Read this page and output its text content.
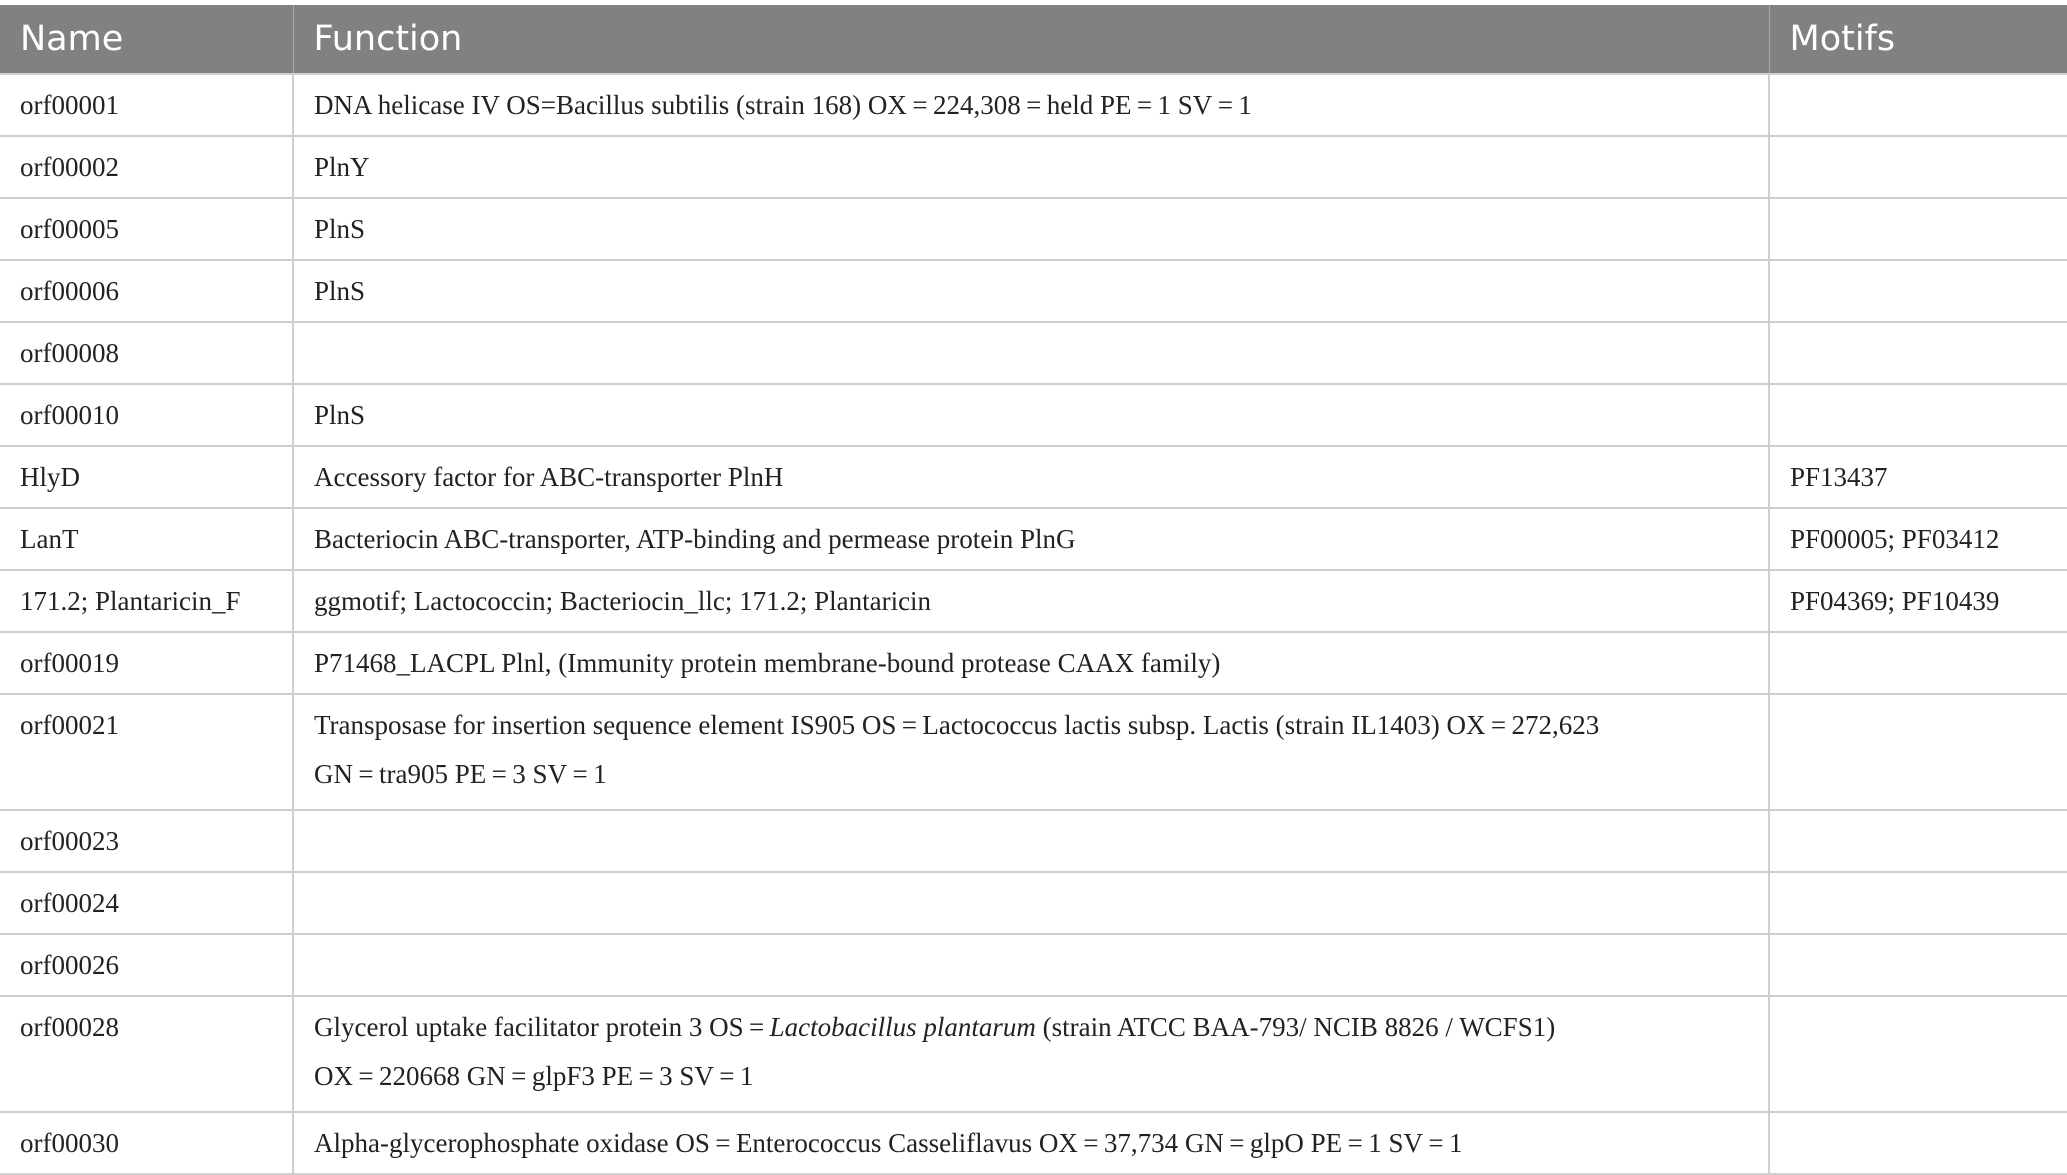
Name	Function	Motifs
orf00001	DNA helicase IV OS=Bacillus subtilis (strain 168) OX = 224,308 = held PE = 1 SV = 1	
orf00002	PlnY	
orf00005	PlnS	
orf00006	PlnS	
orf00008		
orf00010	PlnS	
HlyD	Accessory factor for ABC-transporter PlnH	PF13437
LanT	Bacteriocin ABC-transporter, ATP-binding and permease protein PlnG	PF00005; PF03412
171.2; Plantaricin_F	ggmotif; Lactococcin; Bacteriocin_llc; 171.2; Plantaricin	PF04369; PF10439
orf00019	P71468_LACPL Plnl, (Immunity protein membrane-bound protease CAAX family)	
orf00021	Transposase for insertion sequence element IS905 OS = Lactococcus lactis subsp. Lactis (strain IL1403) OX = 272,623
GN = tra905 PE = 3 SV = 1	
orf00023		
orf00024		
orf00026		
orf00028	Glycerol uptake facilitator protein 3 OS = Lactobacillus plantarum (strain ATCC BAA-793/ NCIB 8826 / WCFS1)
OX = 220668 GN = glpF3 PE = 3 SV = 1	
orf00030	Alpha-glycerophosphate oxidase OS = Enterococcus Casseliflavus OX = 37,734 GN = glpO PE = 1 SV = 1	
